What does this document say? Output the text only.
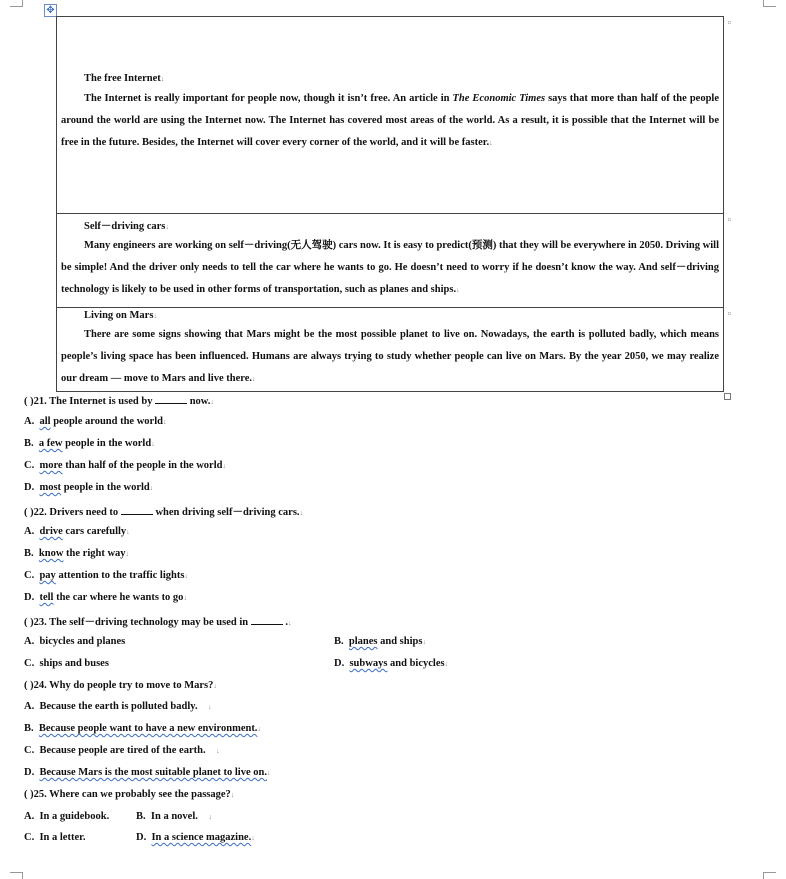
✥
¤
The free Internet↓
The Internet is really important for people now, though it isn’t free. An article in The Economic Times says that more than half of the people around the world are using the Internet now. The Internet has covered most areas of the world. As a result, it is possible that the Internet will be free in the future. Besides, the Internet will cover every corner of the world, and it will be faster.↓
¤
Self－driving cars↓
Many engineers are working on self－driving(无人驾驶) cars now. It is easy to predict(预测) that they will be everywhere in 2050. Driving will be simple! And the driver only needs to tell the car where he wants to go. He doesn’t need to worry if he doesn’t know the way. And self－driving technology is likely to be used in other forms of transportation, such as planes and ships.↓
¤
Living on Mars↓
There are some signs showing that Mars might be the most possible planet to live on. Nowadays, the earth is polluted badly, which means people’s living space has been influenced. Humans are always trying to study whether people can live on Mars. By the year 2050, we may realize our dream — move to Mars and live there.↓
( )21. The Internet is used by	now.↓
A. all people around the world↓
B. a few people in the world↓
C. more than half of the people in the world↓
D. most people in the world↓
( )22. Drivers need to	when driving self－driving cars.↓
A. drive cars carefully↓
B. know the right way↓
C. pay attention to the traffic lights↓
D. tell the car where he wants to go↓
( )23. The self－driving technology may be used in	.↓
A. bicycles and planes	B. planes and ships↓
C. ships and buses	D. subways and bicycles↓
( )24. Why do people try to move to Mars?↓
A. Because the earth is polluted badly. ↓
B. Because people want to have a new environment.↓
C. Because people are tired of the earth. ↓
D. Because Mars is the most suitable planet to live on.↓
( )25. Where can we probably see the passage?↓
A. In a guidebook.	B. In a novel. ↓
C. In a letter.	D. In a science magazine.↓
